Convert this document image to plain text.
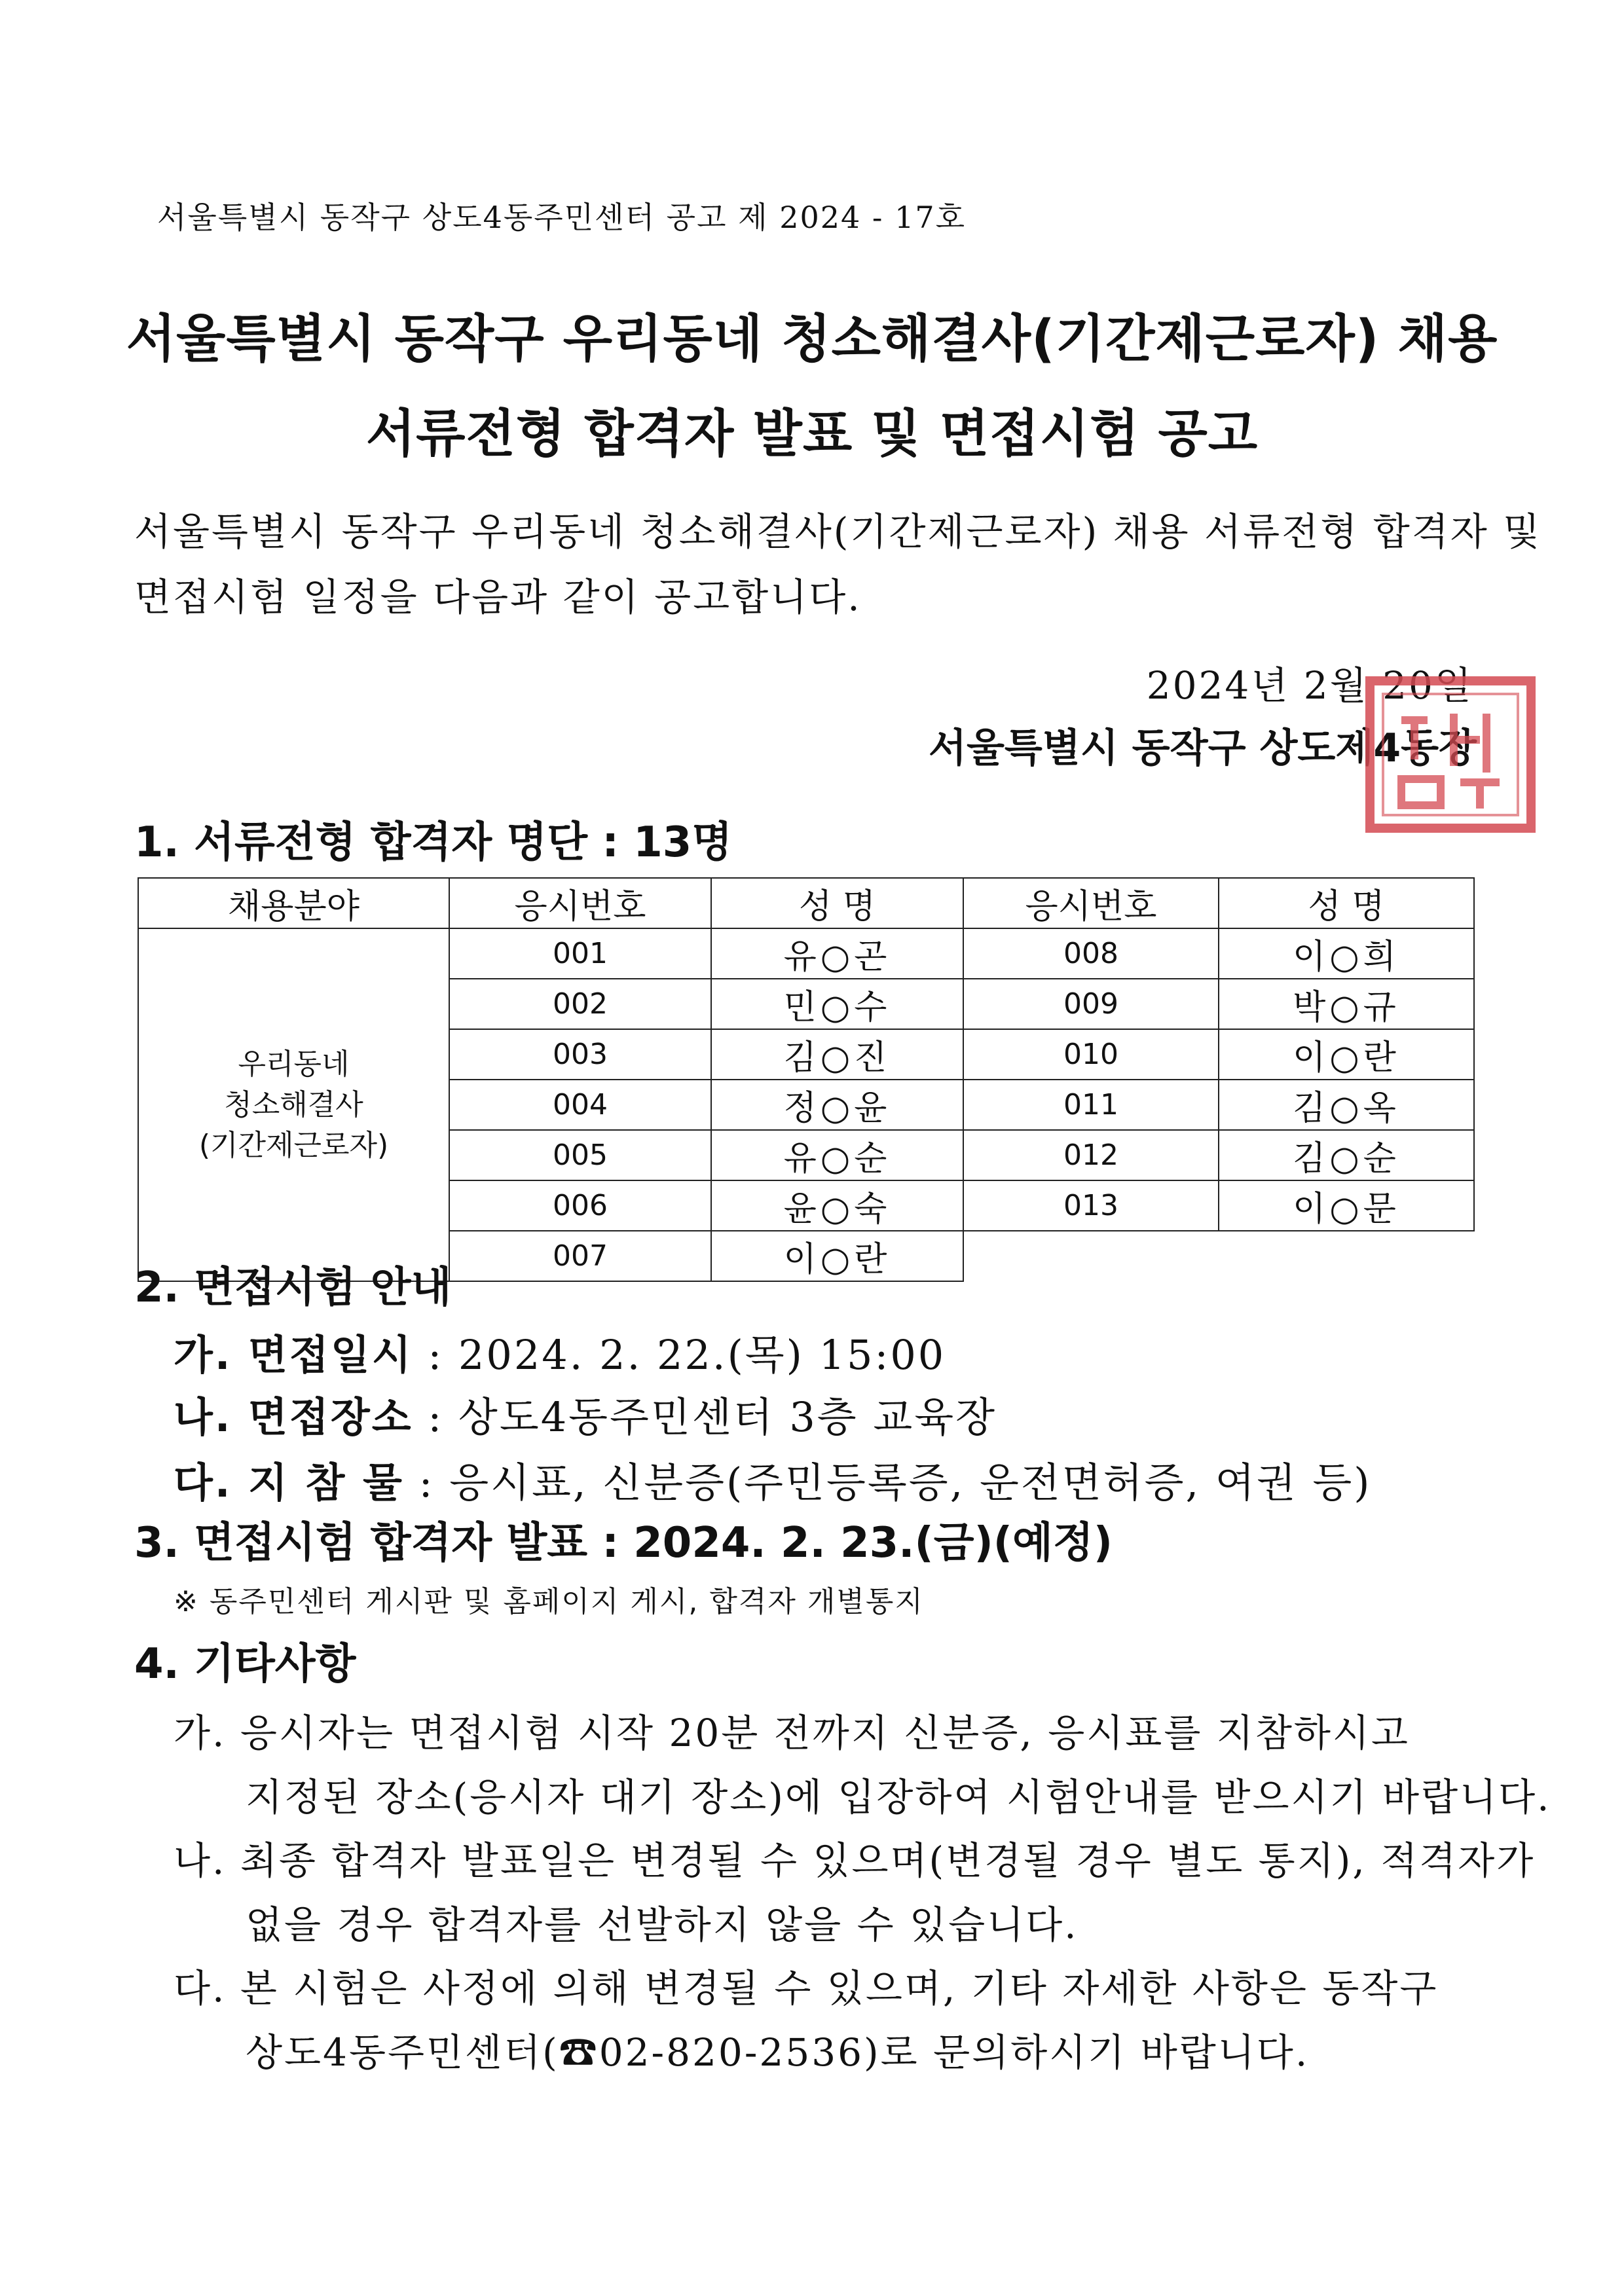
서울특별시 동작구 상도4동주민센터 공고 제 2024 - 17호
서울특별시 동작구 우리동네 청소해결사(기간제근로자) 채용
서류전형 합격자 발표 및 면접시험 공고
서울특별시 동작구 우리동네 청소해결사(기간제근로자) 채용 서류전형 합격자 및
면접시험 일정을 다음과 같이 공고합니다.
2024년 2월 20일
서울특별시 동작구 상도제4동장
1. 서류전형 합격자 명단 : 13명
채용분야	응시번호	성 명	응시번호	성 명

우리동네
청소해결사
(기간제근로자)	001	유○곤	008	이○희
	002	민○수	009	박○규
	003	김○진	010	이○란
	004	정○윤	011	김○옥
	005	유○순	012	김○순
	006	윤○숙	013	이○문
	007	이○란		
2. 면접시험 안내
가. 면접일시 : 2024. 2. 22.(목) 15:00
나. 면접장소 : 상도4동주민센터 3층 교육장
다. 지 참 물 : 응시표, 신분증(주민등록증, 운전면허증, 여권 등)
3. 면접시험 합격자 발표 : 2024. 2. 23.(금)(예정)
※ 동주민센터 게시판 및 홈페이지 게시, 합격자 개별통지
4. 기타사항
가. 응시자는 면접시험 시작 20분 전까지 신분증, 응시표를 지참하시고
지정된 장소(응시자 대기 장소)에 입장하여 시험안내를 받으시기 바랍니다.
나. 최종 합격자 발표일은 변경될 수 있으며(변경될 경우 별도 통지), 적격자가
없을 경우 합격자를 선발하지 않을 수 있습니다.
다. 본 시험은 사정에 의해 변경될 수 있으며, 기타 자세한 사항은 동작구
상도4동주민센터(☎02-820-2536)로 문의하시기 바랍니다.
